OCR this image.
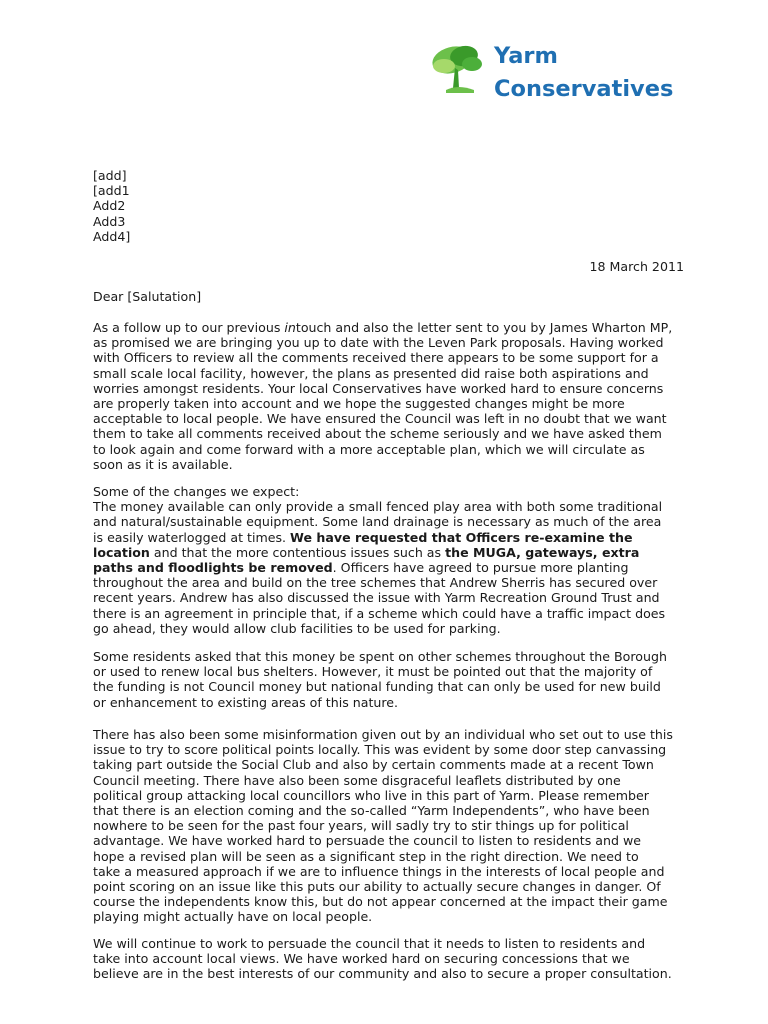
Yarm
Conservatives
[add]
[add1
Add2
Add3
Add4]
18 March 2011
Dear [Salutation]
As a follow up to our previous intouch and also the letter sent to you by James Wharton MP,
as promised we are bringing you up to date with the Leven Park proposals. Having worked
with Officers to review all the comments received there appears to be some support for a
small scale local facility, however, the plans as presented did raise both aspirations and
worries amongst residents. Your local Conservatives have worked hard to ensure concerns
are properly taken into account and we hope the suggested changes might be more
acceptable to local people. We have ensured the Council was left in no doubt that we want
them to take all comments received about the scheme seriously and we have asked them
to look again and come forward with a more acceptable plan, which we will circulate as
soon as it is available.
Some of the changes we expect:
The money available can only provide a small fenced play area with both some traditional
and natural/sustainable equipment. Some land drainage is necessary as much of the area
is easily waterlogged at times. We have requested that Officers re-examine the
location and that the more contentious issues such as the MUGA, gateways, extra
paths and floodlights be removed. Officers have agreed to pursue more planting
throughout the area and build on the tree schemes that Andrew Sherris has secured over
recent years. Andrew has also discussed the issue with Yarm Recreation Ground Trust and
there is an agreement in principle that, if a scheme which could have a traffic impact does
go ahead, they would allow club facilities to be used for parking.
Some residents asked that this money be spent on other schemes throughout the Borough
or used to renew local bus shelters. However, it must be pointed out that the majority of
the funding is not Council money but national funding that can only be used for new build
or enhancement to existing areas of this nature.
There has also been some misinformation given out by an individual who set out to use this
issue to try to score political points locally. This was evident by some door step canvassing
taking part outside the Social Club and also by certain comments made at a recent Town
Council meeting. There have also been some disgraceful leaflets distributed by one
political group attacking local councillors who live in this part of Yarm. Please remember
that there is an election coming and the so-called “Yarm Independents”, who have been
nowhere to be seen for the past four years, will sadly try to stir things up for political
advantage. We have worked hard to persuade the council to listen to residents and we
hope a revised plan will be seen as a significant step in the right direction. We need to
take a measured approach if we are to influence things in the interests of local people and
point scoring on an issue like this puts our ability to actually secure changes in danger. Of
course the independents know this, but do not appear concerned at the impact their game
playing might actually have on local people.
We will continue to work to persuade the council that it needs to listen to residents and
take into account local views. We have worked hard on securing concessions that we
believe are in the best interests of our community and also to secure a proper consultation.
